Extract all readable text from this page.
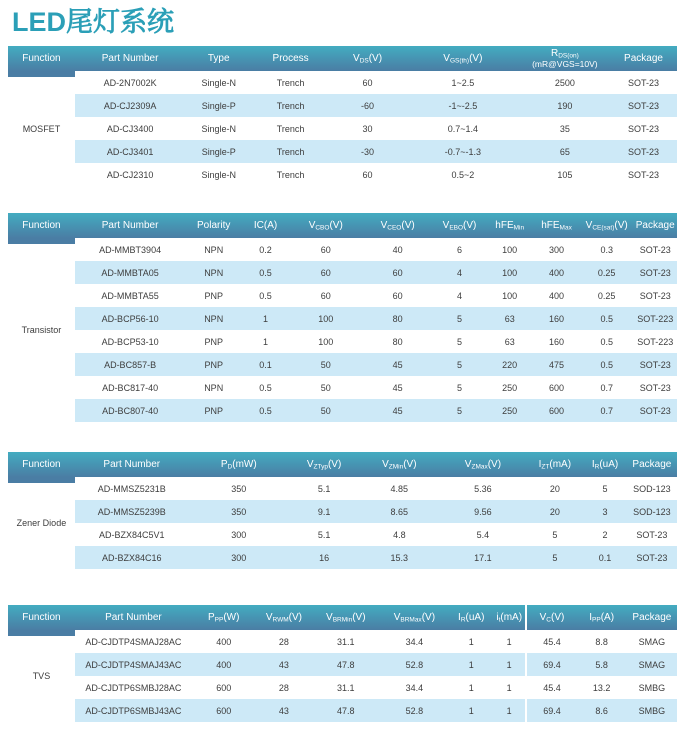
LED尾灯系统
Function	Part Number	Type	Process	$V_{DS}(V)$	$V_{GS(th)}(V)$	$R_{DS(on)}$
(mR@VGS=10V)	Package
MOSFET	AD-2N7002K	Single-N	Trench	60	1~2.5	2500	SOT-23
	AD-CJ2309A	Single-P	Trench	-60	-1~-2.5	190	SOT-23
	AD-CJ3400	Single-N	Trench	30	0.7~1.4	35	SOT-23
	AD-CJ3401	Single-P	Trench	-30	-0.7~-1.3	65	SOT-23
	AD-CJ2310	Single-N	Trench	60	0.5~2	105	SOT-23
Function	Part Number	Polarity	IC(A)	$V_{CBO}(V)$	$V_{CEO}(V)$	$V_{EBO}(V)$	hFE$_{Min}$	hFE$_{Max}$	$V_{CE(sat)}(V)$	Package
Transistor	AD-MMBT3904	NPN	0.2	60	40	6	100	300	0.3	SOT-23
	AD-MMBTA05	NPN	0.5	60	60	4	100	400	0.25	SOT-23
	AD-MMBTA55	PNP	0.5	60	60	4	100	400	0.25	SOT-23
	AD-BCP56-10	NPN	1	100	80	5	63	160	0.5	SOT-223
	AD-BCP53-10	PNP	1	100	80	5	63	160	0.5	SOT-223
	AD-BC857-B	PNP	0.1	50	45	5	220	475	0.5	SOT-23
	AD-BC817-40	NPN	0.5	50	45	5	250	600	0.7	SOT-23
	AD-BC807-40	PNP	0.5	50	45	5	250	600	0.7	SOT-23
Function	Part Number	$P_D(mW)$	$V_{ZTyp}(V)$	$V_{ZMin}(V)$	$V_{ZMax}(V)$	$I_{ZT}(mA)$	$I_R(uA)$	Package
Zener Diode	AD-MMSZ5231B	350	5.1	4.85	5.36	20	5	SOD-123
	AD-MMSZ5239B	350	9.1	8.65	9.56	20	3	SOD-123
	AD-BZX84C5V1	300	5.1	4.8	5.4	5	2	SOT-23
	AD-BZX84C16	300	16	15.3	17.1	5	0.1	SOT-23
Function	Part Number	$P_{PP}(W)$	$V_{RWM}(V)$	$V_{BRMin}(V)$	$V_{BRMax}(V)$	$I_R(uA)$	$i_t(mA)$	$V_C(V)$	$I_{PP}(A)$	Package
TVS	AD-CJDTP4SMAJ28AC	400	28	31.1	34.4	1	1	45.4	8.8	SMAG
	AD-CJDTP4SMAJ43AC	400	43	47.8	52.8	1	1	69.4	5.8	SMAG
	AD-CJDTP6SMBJ28AC	600	28	31.1	34.4	1	1	45.4	13.2	SMBG
	AD-CJDTP6SMBJ43AC	600	43	47.8	52.8	1	1	69.4	8.6	SMBG
